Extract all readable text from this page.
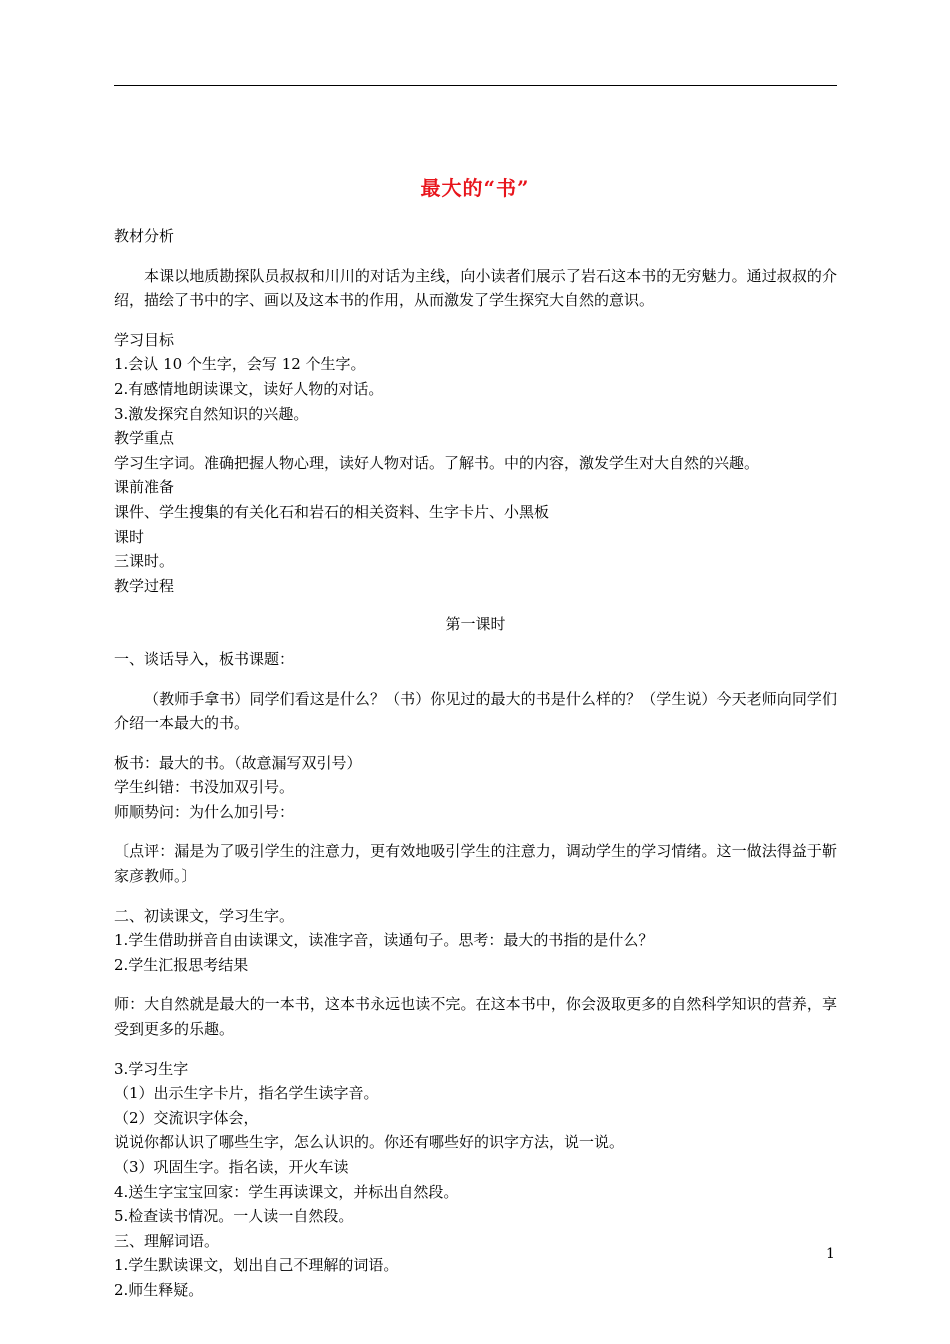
最大的“书”

教材分析

本课以地质勘探队员叔叔和川川的对话为主线，向小读者们展示了岩石这本书的无穷魅力。通过叔叔的介绍，描绘了书中的字、画以及这本书的作用，从而激发了学生探究大自然的意识。

学习目标

1.会认 10 个生字，会写 12 个生字。

2.有感情地朗读课文，读好人物的对话。

3.激发探究自然知识的兴趣。

教学重点

学习生字词。准确把握人物心理，读好人物对话。了解书。中的内容，激发学生对大自然的兴趣。

课前准备

课件、学生搜集的有关化石和岩石的相关资料、生字卡片、小黑板

课时

三课时。

教学过程

第一课时

一、谈话导入，板书课题：

（教师手拿书）同学们看这是什么？（书）你见过的最大的书是什么样的？（学生说）今天老师向同学们介绍一本最大的书。

板书：最大的书。（故意漏写双引号）

学生纠错：书没加双引号。

师顺势问：为什么加引号：

〔点评：漏是为了吸引学生的注意力，更有效地吸引学生的注意力，调动学生的学习情绪。这一做法得益于靳家彦教师。〕

二、初读课文，学习生字。

1.学生借助拼音自由读课文，读准字音，读通句子。思考：最大的书指的是什么？

2.学生汇报思考结果

师：大自然就是最大的一本书，这本书永远也读不完。在这本书中，你会汲取更多的自然科学知识的营养，享受到更多的乐趣。

3.学习生字

（1）出示生字卡片，指名学生读字音。

（2）交流识字体会，

说说你都认识了哪些生字，怎么认识的。你还有哪些好的识字方法，说一说。

（3）巩固生字。指名读，开火车读

4.送生字宝宝回家：学生再读课文，并标出自然段。

5.检查读书情况。一人读一自然段。

三、理解词语。

1.学生默读课文，划出自己不理解的词语。

2.师生释疑。

1
